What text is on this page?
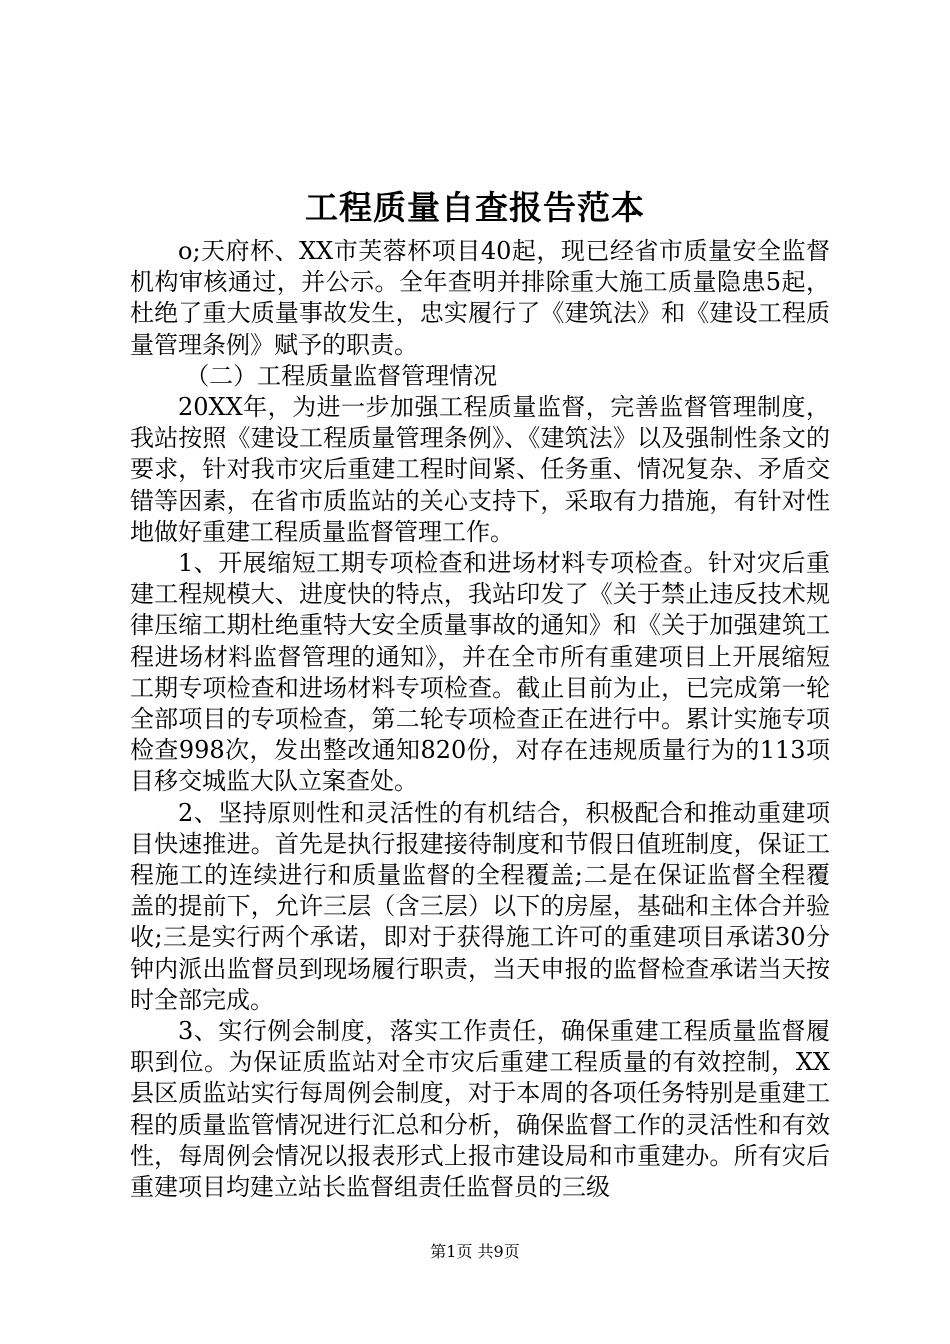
工程质量自查报告范本

o;天府杯、XX市芙蓉杯项目40起，现已经省市质量安全监督机构审核通过，并公示。全年查明并排除重大施工质量隐患5起，杜绝了重大质量事故发生，忠实履行了《建筑法》和《建设工程质量管理条例》赋予的职责。

（二）工程质量监督管理情况

20XX年，为进一步加强工程质量监督，完善监督管理制度，我站按照《建设工程质量管理条例》、《建筑法》以及强制性条文的要求，针对我市灾后重建工程时间紧、任务重、情况复杂、矛盾交错等因素，在省市质监站的关心支持下，采取有力措施，有针对性地做好重建工程质量监督管理工作。

1、开展缩短工期专项检查和进场材料专项检查。针对灾后重建工程规模大、进度快的特点，我站印发了《关于禁止违反技术规律压缩工期杜绝重特大安全质量事故的通知》和《关于加强建筑工程进场材料监督管理的通知》，并在全市所有重建项目上开展缩短工期专项检查和进场材料专项检查。截止目前为止，已完成第一轮全部项目的专项检查，第二轮专项检查正在进行中。累计实施专项检查998次，发出整改通知820份，对存在违规质量行为的113项目移交城监大队立案查处。

2、坚持原则性和灵活性的有机结合，积极配合和推动重建项目快速推进。首先是执行报建接待制度和节假日值班制度，保证工程施工的连续进行和质量监督的全程覆盖;二是在保证监督全程覆盖的提前下，允许三层（含三层）以下的房屋，基础和主体合并验收;三是实行两个承诺，即对于获得施工许可的重建项目承诺30分钟内派出监督员到现场履行职责，当天申报的监督检查承诺当天按时全部完成。

3、实行例会制度，落实工作责任，确保重建工程质量监督履职到位。为保证质监站对全市灾后重建工程质量的有效控制，XX县区质监站实行每周例会制度，对于本周的各项任务特别是重建工程的质量监管情况进行汇总和分析，确保监督工作的灵活性和有效性，每周例会情况以报表形式上报市建设局和市重建办。所有灾后重建项目均建立站长监督组责任监督员的三级

第1页 共9页
